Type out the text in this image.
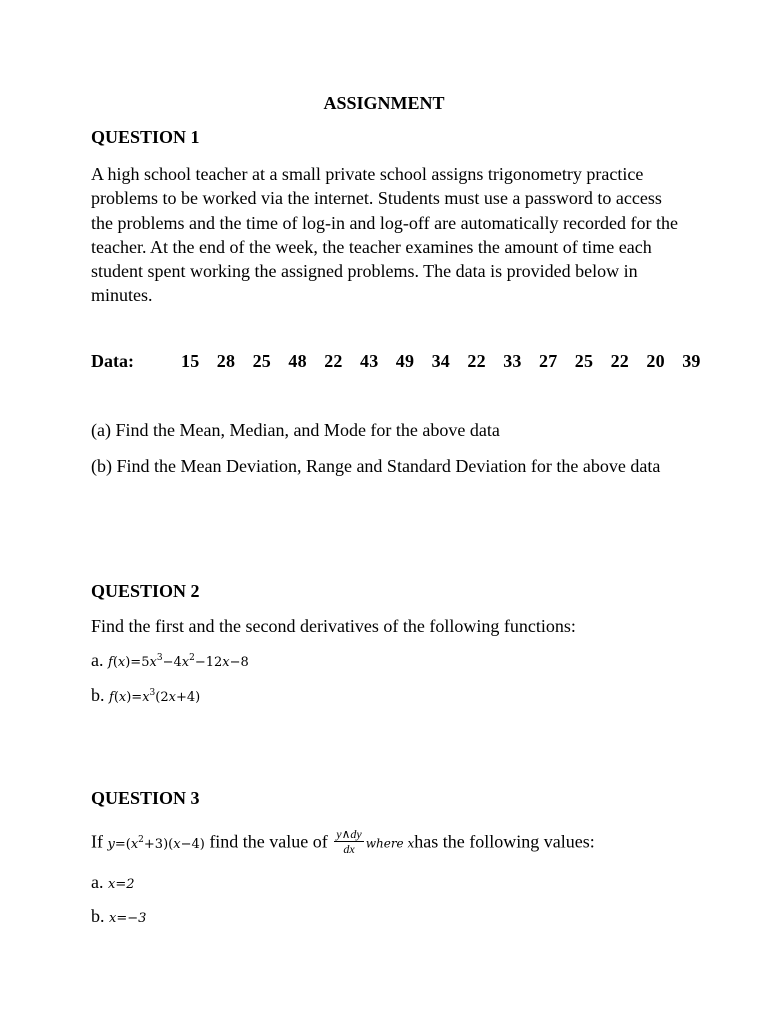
ASSIGNMENT
QUESTION 1
A high school teacher at a small private school assigns trigonometry practice problems to be worked via the internet. Students must use a password to access the problems and the time of log-in and log-off are automatically recorded for the teacher. At the end of the week, the teacher examines the amount of time each student spent working the assigned problems. The data is provided below in minutes.
Data:	15  28  25  48  22  43  49  34  22  33  27  25  22  20  39
(a) Find the Mean, Median, and Mode for the above data
(b) Find the Mean Deviation, Range and Standard Deviation for the above data
QUESTION 2
Find the first and the second derivatives of the following functions:
a. $f(x)=5x^3-4x^2-12x-8$
b. $f(x)=x^3(2x+4)$
QUESTION 3
If $y=(x^2+3)(x-4)$ find the value of $\frac{y\wedge dy}{dx}$ where xhas the following values:
a. x=2
b. x=−3
